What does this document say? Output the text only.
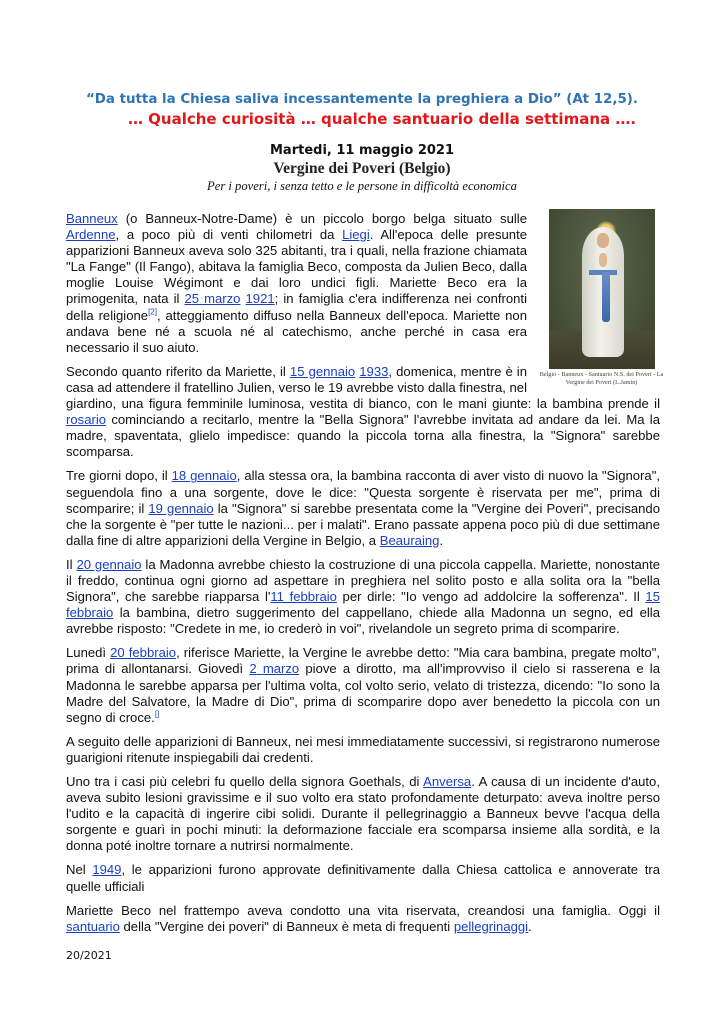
“Da tutta la Chiesa saliva incessantemente la preghiera a Dio” (At 12,5).
… Qualche curiosità … qualche santuario della settimana ….
Martedi, 11 maggio 2021
Vergine dei Poveri (Belgio)
Per i poveri, i senza tetto e le persone in difficoltà economica
Belgio - Banneux - Santuario N.S. dei Poveri - La Vergine dei Poveri (L.Jamin)

Banneux (o Banneux-Notre-Dame) è un piccolo borgo belga situato sulle Ardenne, a poco più di venti chilometri da Liegi. All'epoca delle presunte apparizioni Banneux aveva solo 325 abitanti, tra i quali, nella frazione chiamata "La Fange" (Il Fango), abitava la famiglia Beco, composta da Julien Beco, dalla moglie Louise Wégimont e dai loro undici figli. Mariette Beco era la primogenita, nata il 25 marzo 1921; in famiglia c'era indifferenza nei confronti della religione[2], atteggiamento diffuso nella Banneux dell'epoca. Mariette non andava bene né a scuola né al catechismo, anche perché in casa era necessario il suo aiuto.

Secondo quanto riferito da Mariette, il 15 gennaio 1933, domenica, mentre è in casa ad attendere il fratellino Julien, verso le 19 avrebbe visto dalla finestra, nel giardino, una figura femminile luminosa, vestita di bianco, con le mani giunte: la bambina prende il rosario cominciando a recitarlo, mentre la "Bella Signora" l'avrebbe invitata ad andare da lei. Ma la madre, spaventata, glielo impedisce: quando la piccola torna alla finestra, la "Signora" sarebbe scomparsa.

Tre giorni dopo, il 18 gennaio, alla stessa ora, la bambina racconta di aver visto di nuovo la "Signora", seguendola fino a una sorgente, dove le dice: "Questa sorgente è riservata per me", prima di scomparire; il 19 gennaio la "Signora" si sarebbe presentata come la "Vergine dei Poveri", precisando che la sorgente è "per tutte le nazioni... per i malati". Erano passate appena poco più di due settimane dalla fine di altre apparizioni della Vergine in Belgio, a Beauraing.

Il 20 gennaio la Madonna avrebbe chiesto la costruzione di una piccola cappella. Mariette, nonostante il freddo, continua ogni giorno ad aspettare in preghiera nel solito posto e alla solita ora la "bella Signora", che sarebbe riapparsa l'11 febbraio per dirle: "Io vengo ad addolcire la sofferenza". Il 15 febbraio la bambina, dietro suggerimento del cappellano, chiede alla Madonna un segno, ed ella avrebbe risposto: "Credete in me, io crederò in voi", rivelandole un segreto prima di scomparire.

Lunedì 20 febbraio, riferisce Mariette, la Vergine le avrebbe detto: "Mia cara bambina, pregate molto", prima di allontanarsi. Giovedì 2 marzo piove a dirotto, ma all'improvviso il cielo si rasserena e la Madonna le sarebbe apparsa per l'ultima volta, col volto serio, velato di tristezza, dicendo: "Io sono la Madre del Salvatore, la Madre di Dio", prima di scomparire dopo aver benedetto la piccola con un segno di croce.[]

A seguito delle apparizioni di Banneux, nei mesi immediatamente successivi, si registrarono numerose guarigioni ritenute inspiegabili dai credenti.

Uno tra i casi più celebri fu quello della signora Goethals, di Anversa. A causa di un incidente d'auto, aveva subito lesioni gravissime e il suo volto era stato profondamente deturpato: aveva inoltre perso l'udito e la capacità di ingerire cibi solidi. Durante il pellegrinaggio a Banneux bevve l'acqua della sorgente e guarì in pochi minuti: la deformazione facciale era scomparsa insieme alla sordità, e la donna poté inoltre tornare a nutrirsi normalmente.

Nel 1949, le apparizioni furono approvate definitivamente dalla Chiesa cattolica e annoverate tra quelle ufficiali

Mariette Beco nel frattempo aveva condotto una vita riservata, creandosi una famiglia. Oggi il santuario della "Vergine dei poveri" di Banneux è meta di frequenti pellegrinaggi.

20/2021
